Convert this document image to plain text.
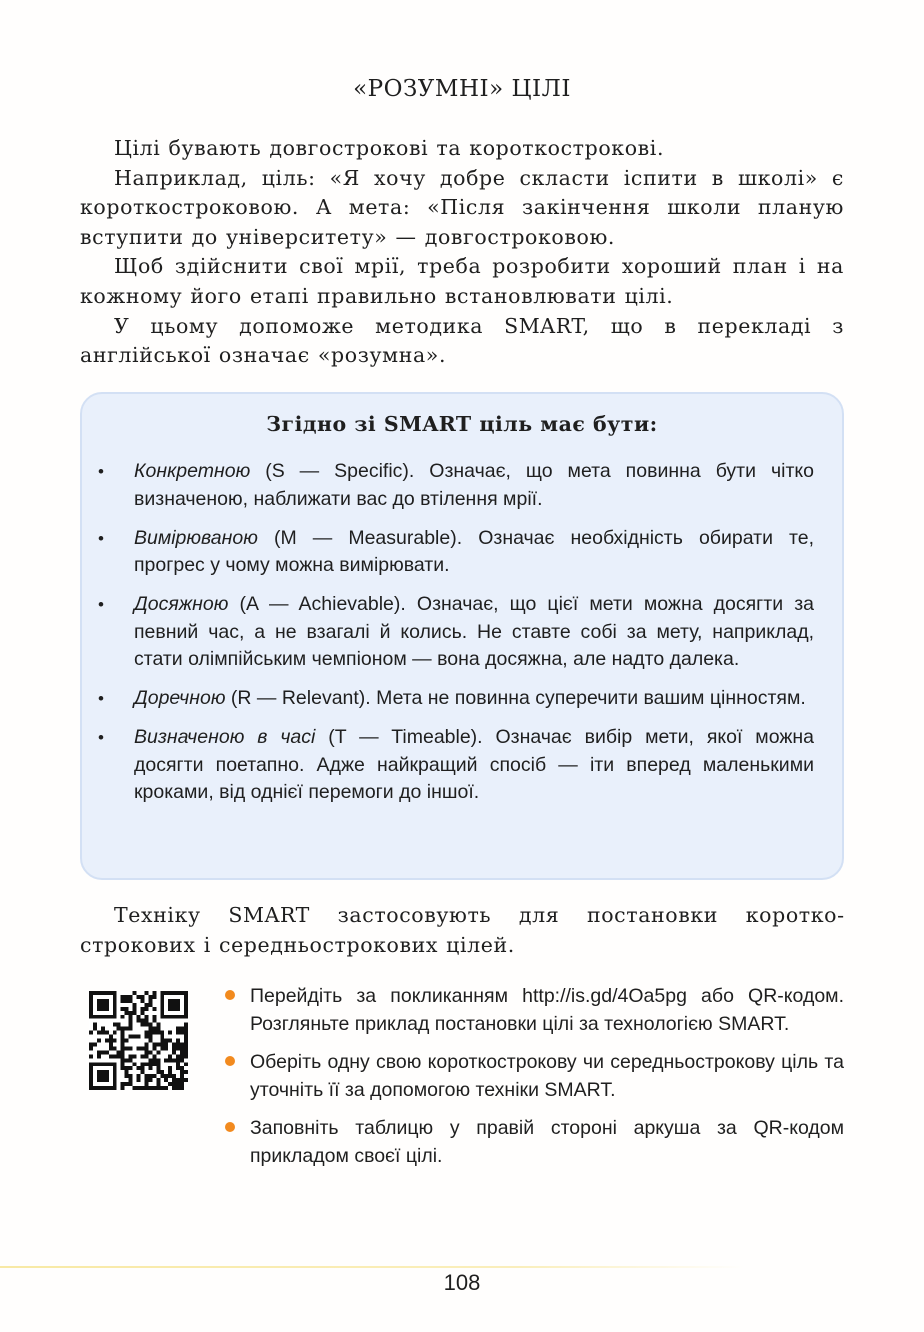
«РОЗУМНІ» ЦІЛІ

Цілі бувають довгострокові та короткострокові.

Наприклад, ціль: «Я хочу добре скласти іспити в школі» є короткостроковою. А мета: «Після закінчення школи планую вступити до університету» — довгостроковою.

Щоб здійснити свої мрії, треба розробити хороший план і на кожному його етапі правильно встановлювати цілі.

У цьому допоможе методика SMART, що в перекладі з англійської означає «розумна».

Згідно зі SMART ціль має бути:
• Конкретною (S — Specific). Означає, що мета повинна бути чітко визначеною, наближати вас до втілення мрії.
• Вимірюваною (M — Measurable). Означає необхідність обирати те, прогрес у чому можна вимірювати.
• Досяжною (A — Achievable). Означає, що цієї мети можна досягти за певний час, а не взагалі й колись. Не ставте собі за мету, наприклад, стати олімпійським чемпіоном — вона досяжна, але надто далека.
• Доречною (R — Relevant). Мета не повинна суперечити вашим цінностям.
• Визначеною в часі (T — Timeable). Означає вибір мети, якої можна досягти поетапно. Адже найкращий спосіб — іти вперед маленькими кроками, від однієї перемоги до іншої.

Техніку SMART застосовують для постановки короткострокових і середньострокових цілей.

Перейдіть за покликанням http://is.gd/4Oa5pg або QR-кодом. Розгляньте приклад постановки цілі за технологією SMART.
Оберіть одну свою короткострокову чи середньострокову ціль та уточніть її за допомогою техніки SMART.
Заповніть таблицю у правій стороні аркуша за QR-кодом прикладом своєї цілі.
108
